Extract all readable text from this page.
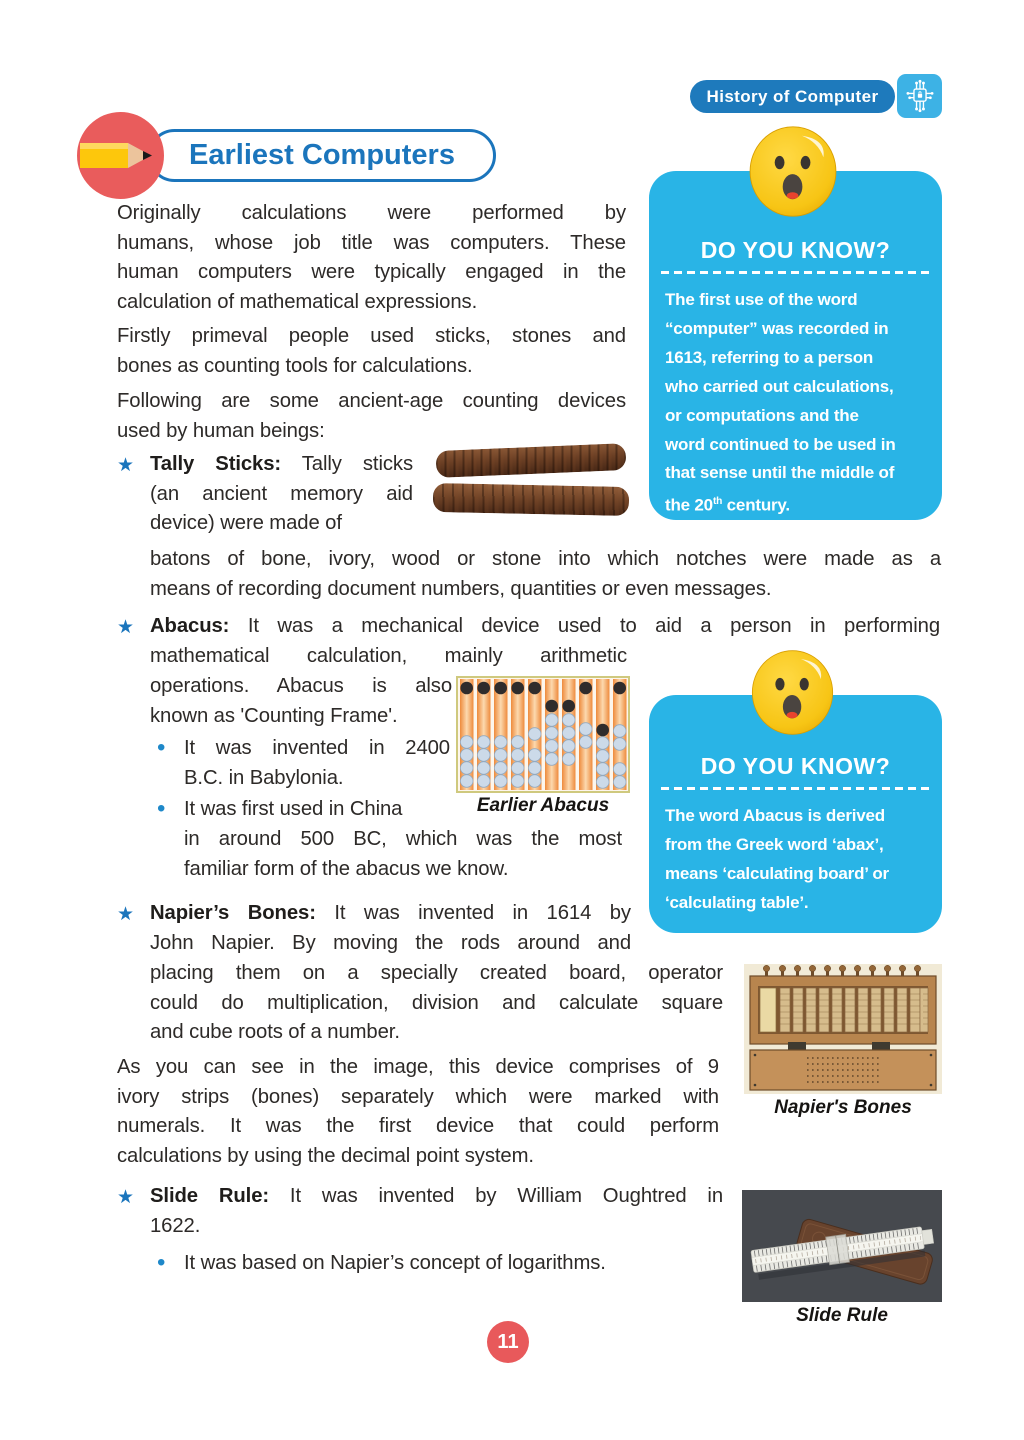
History of Computer
Earliest Computers
Originally calculations were performed by
humans, whose job title was computers. These
human computers were typically engaged in the
calculation of mathematical expressions.
Firstly primeval people used sticks, stones and
bones as counting tools for calculations.
Following are some ancient-age counting devices
used by human beings:
★ Tally Sticks: Tally sticks
(an ancient memory aid
device) were made of
batons of bone, ivory, wood or stone into which notches were made as a
means of recording document numbers, quantities or even messages.
★ Abacus: It was a mechanical device used to aid a person in performing
mathematical calculation, mainly arithmetic
operations. Abacus is also
known as 'Counting Frame'.
• It was invented in 2400
B.C. in Babylonia.
• It was first used in China
in around 500 BC, which was the most
familiar form of the abacus we know.
Earlier Abacus
DO YOU KNOW?
The first use of the word
“computer” was recorded in
1613, referring to a person
who carried out calculations,
or computations and the
word continued to be used in
that sense until the middle of
the 20th century.
DO YOU KNOW?
The word Abacus is derived
from the Greek word ‘abax’,
means ‘calculating board’ or
‘calculating table’.
★ Napier’s Bones: It was invented in 1614 by
John Napier. By moving the rods around and
placing them on a specially created board, operator
could do multiplication, division and calculate square
and cube roots of a number.
Napier's Bones
As you can see in the image, this device comprises of 9
ivory strips (bones) separately which were marked with
numerals. It was the first device that could perform
calculations by using the decimal point system.
★ Slide Rule: It was invented by William Oughtred in
1622.
• It was based on Napier’s concept of logarithms.
Slide Rule
11
